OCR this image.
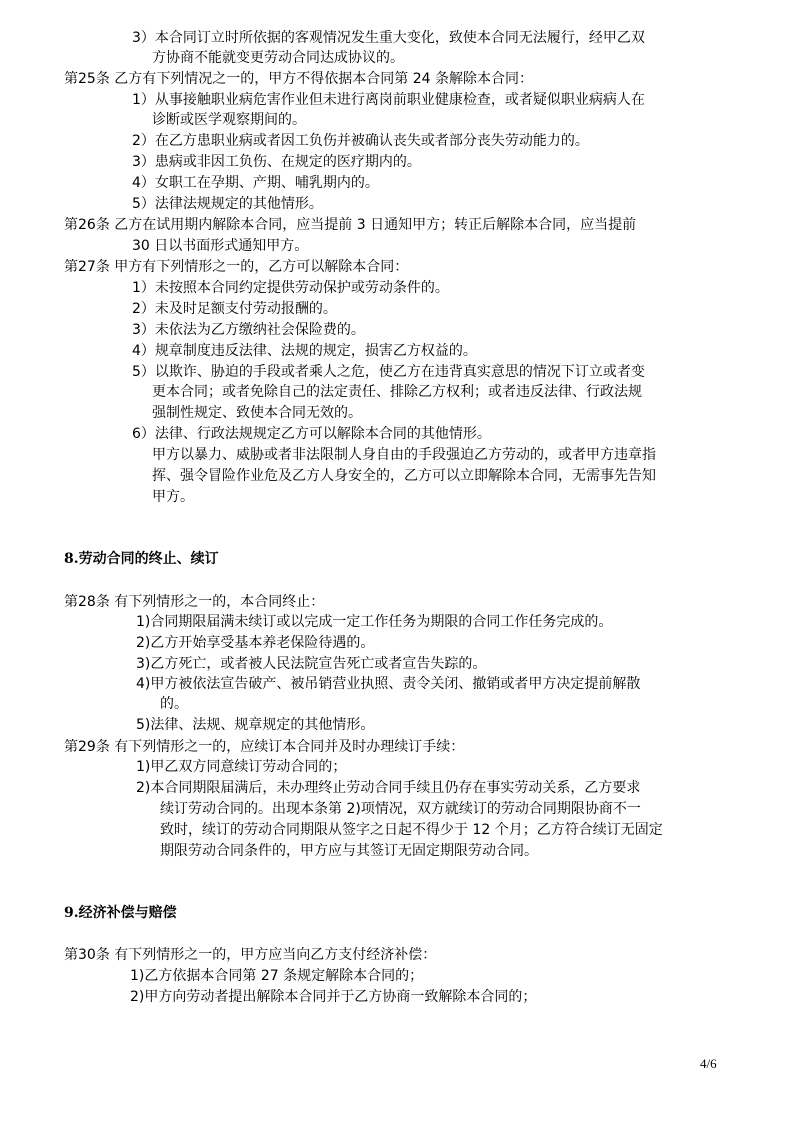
3）本合同订立时所依据的客观情况发生重大变化，致使本合同无法履行，经甲乙双
方协商不能就变更劳动合同达成协议的。
第25条 乙方有下列情况之一的，甲方不得依据本合同第 24 条解除本合同：
1）从事接触职业病危害作业但未进行离岗前职业健康检查，或者疑似职业病病人在
诊断或医学观察期间的。
2）在乙方患职业病或者因工负伤并被确认丧失或者部分丧失劳动能力的。
3）患病或非因工负伤、在规定的医疗期内的。
4）女职工在孕期、产期、哺乳期内的。
5）法律法规规定的其他情形。
第26条 乙方在试用期内解除本合同，应当提前 3 日通知甲方；转正后解除本合同，应当提前
30 日以书面形式通知甲方。
第27条 甲方有下列情形之一的，乙方可以解除本合同：
1）未按照本合同约定提供劳动保护或劳动条件的。
2）未及时足额支付劳动报酬的。
3）未依法为乙方缴纳社会保险费的。
4）规章制度违反法律、法规的规定，损害乙方权益的。
5）以欺诈、胁迫的手段或者乘人之危，使乙方在违背真实意思的情况下订立或者变
更本合同；或者免除自己的法定责任、排除乙方权利；或者违反法律、行政法规
强制性规定、致使本合同无效的。
6）法律、行政法规规定乙方可以解除本合同的其他情形。
甲方以暴力、威胁或者非法限制人身自由的手段强迫乙方劳动的，或者甲方违章指
挥、强令冒险作业危及乙方人身安全的，乙方可以立即解除本合同，无需事先告知
甲方。
8.劳动合同的终止、续订
第28条 有下列情形之一的，本合同终止：
1)合同期限届满未续订或以完成一定工作任务为期限的合同工作任务完成的。
2)乙方开始享受基本养老保险待遇的。
3)乙方死亡，或者被人民法院宣告死亡或者宣告失踪的。
4)甲方被依法宣告破产、被吊销营业执照、责令关闭、撤销或者甲方决定提前解散
的。
5)法律、法规、规章规定的其他情形。
第29条 有下列情形之一的，应续订本合同并及时办理续订手续：
1)甲乙双方同意续订劳动合同的；
2)本合同期限届满后，未办理终止劳动合同手续且仍存在事实劳动关系，乙方要求
续订劳动合同的。出现本条第 2)项情况，双方就续订的劳动合同期限协商不一
致时，续订的劳动合同期限从签字之日起不得少于 12 个月；乙方符合续订无固定
期限劳动合同条件的，甲方应与其签订无固定期限劳动合同。
9.经济补偿与赔偿
第30条 有下列情形之一的，甲方应当向乙方支付经济补偿：
1)乙方依据本合同第 27 条规定解除本合同的；
2)甲方向劳动者提出解除本合同并于乙方协商一致解除本合同的；
4/6
